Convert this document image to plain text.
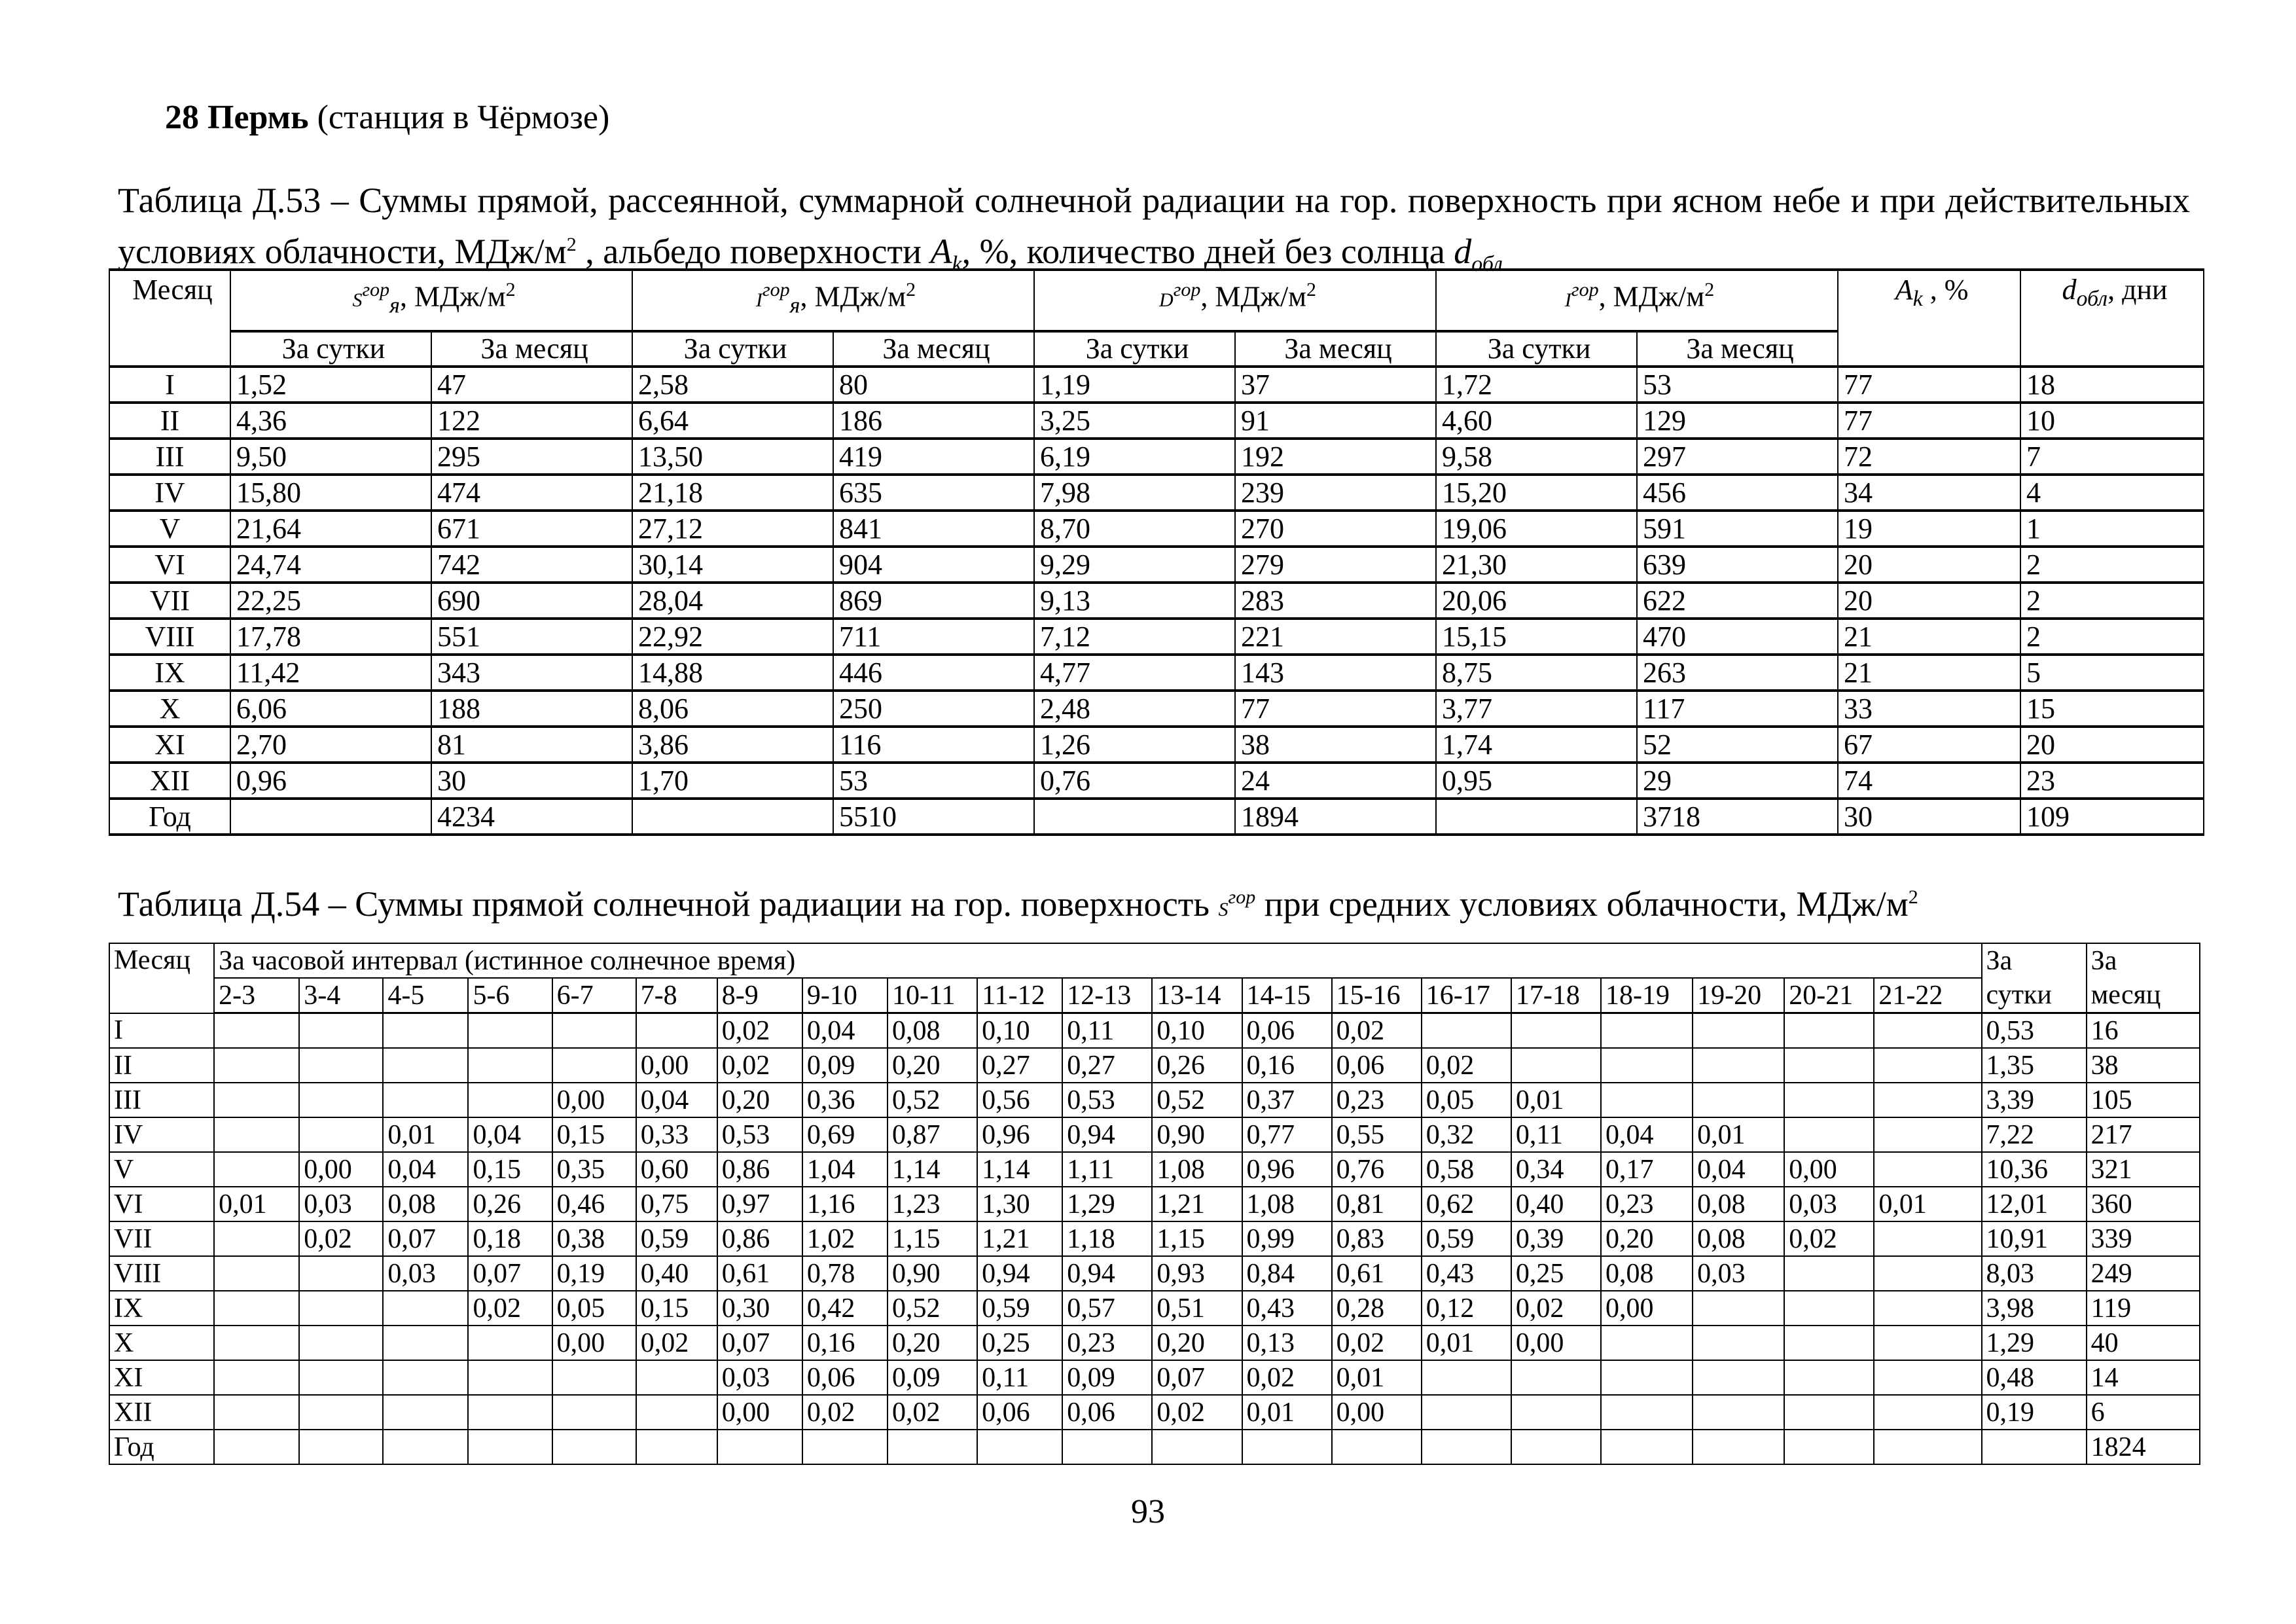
28 Пермь (станция в Чёрмозе)
Таблица Д.53 – Суммы прямой, рассеянной, суммарной солнечной радиации на гор. поверхность при ясном небе и при действительных условиях облачности, МДж/$м^2$ , альбедо поверхности $A_k$, %, количество дней без солнца $d_{обл}$
Месяц	$S^{гор}_я$, МДж/$м^2$		$I^{гор}_я$, МДж/$м^2$		$D^{гор}$, МДж/$м^2$		$I^{гор}$, МДж/$м^2$		$A_k$ , %	$d_{обл}$, дни
	За сутки	За месяц	За сутки	За месяц	За сутки	За месяц	За сутки	За месяц		
I	1,52	47	2,58	80	1,19	37	1,72	53	77	18
II	4,36	122	6,64	186	3,25	91	4,60	129	77	10
III	9,50	295	13,50	419	6,19	192	9,58	297	72	7
IV	15,80	474	21,18	635	7,98	239	15,20	456	34	4
V	21,64	671	27,12	841	8,70	270	19,06	591	19	1
VI	24,74	742	30,14	904	9,29	279	21,30	639	20	2
VII	22,25	690	28,04	869	9,13	283	20,06	622	20	2
VIII	17,78	551	22,92	711	7,12	221	15,15	470	21	2
IX	11,42	343	14,88	446	4,77	143	8,75	263	21	5
X	6,06	188	8,06	250	2,48	77	3,77	117	33	15
XI	2,70	81	3,86	116	1,26	38	1,74	52	67	20
XII	0,96	30	1,70	53	0,76	24	0,95	29	74	23
Год		4234		5510		1894		3718	30	109
Таблица Д.54 – Суммы прямой солнечной радиации на гор. поверхность $S^{гор}$ при средних условиях облачности, МДж/$м^2$
Месяц	За часовой интервал (истинное солнечное время)																				За	За
	2-3	3-4	4-5	5-6	6-7	7-8	8-9	9-10	10-11	11-12	12-13	13-14	14-15	15-16	16-17	17-18	18-19	19-20	20-21	21-22	сутки	месяц
I							0,02	0,04	0,08	0,10	0,11	0,10	0,06	0,02							0,53	16
II						0,00	0,02	0,09	0,20	0,27	0,27	0,26	0,16	0,06	0,02						1,35	38
III					0,00	0,04	0,20	0,36	0,52	0,56	0,53	0,52	0,37	0,23	0,05	0,01					3,39	105
IV			0,01	0,04	0,15	0,33	0,53	0,69	0,87	0,96	0,94	0,90	0,77	0,55	0,32	0,11	0,04	0,01			7,22	217
V		0,00	0,04	0,15	0,35	0,60	0,86	1,04	1,14	1,14	1,11	1,08	0,96	0,76	0,58	0,34	0,17	0,04	0,00		10,36	321
VI	0,01	0,03	0,08	0,26	0,46	0,75	0,97	1,16	1,23	1,30	1,29	1,21	1,08	0,81	0,62	0,40	0,23	0,08	0,03	0,01	12,01	360
VII		0,02	0,07	0,18	0,38	0,59	0,86	1,02	1,15	1,21	1,18	1,15	0,99	0,83	0,59	0,39	0,20	0,08	0,02		10,91	339
VIII			0,03	0,07	0,19	0,40	0,61	0,78	0,90	0,94	0,94	0,93	0,84	0,61	0,43	0,25	0,08	0,03			8,03	249
IX				0,02	0,05	0,15	0,30	0,42	0,52	0,59	0,57	0,51	0,43	0,28	0,12	0,02	0,00				3,98	119
X					0,00	0,02	0,07	0,16	0,20	0,25	0,23	0,20	0,13	0,02	0,01	0,00					1,29	40
XI							0,03	0,06	0,09	0,11	0,09	0,07	0,02	0,01							0,48	14
XII							0,00	0,02	0,02	0,06	0,06	0,02	0,01	0,00							0,19	6
Год																						1824
93
